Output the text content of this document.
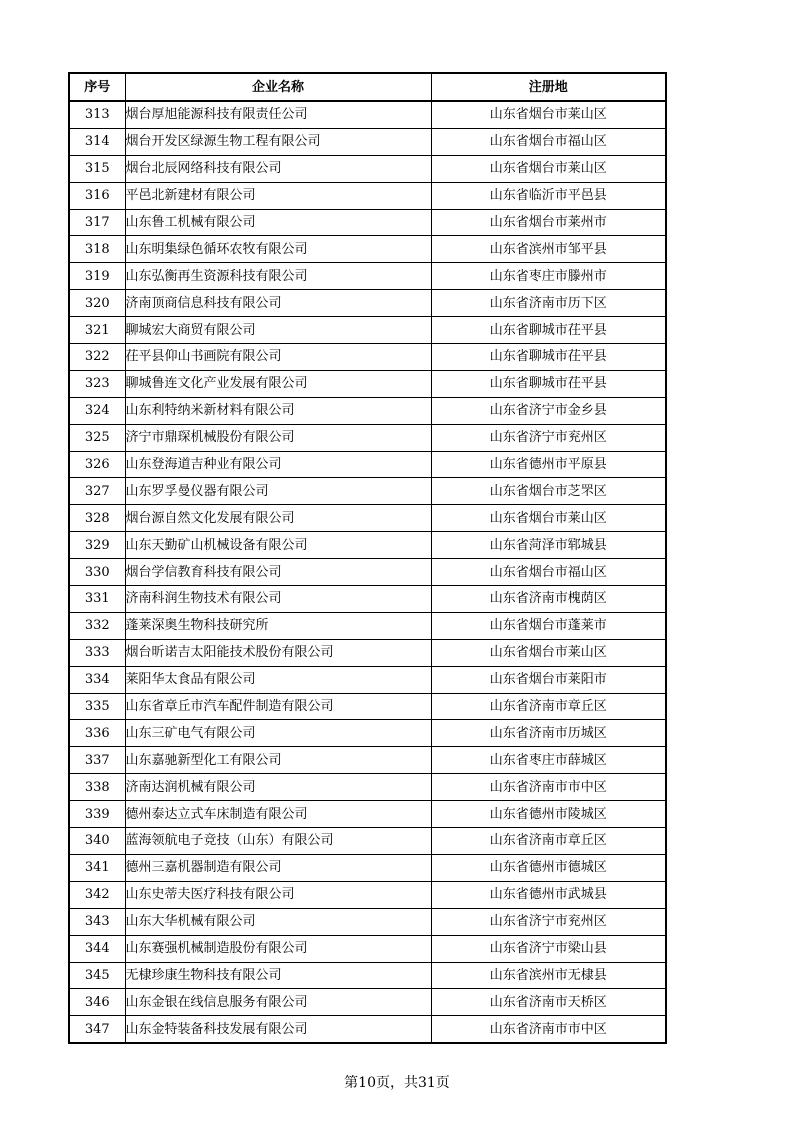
序号	企业名称	注册地
313	烟台厚旭能源科技有限责任公司	山东省烟台市莱山区
314	烟台开发区绿源生物工程有限公司	山东省烟台市福山区
315	烟台北辰网络科技有限公司	山东省烟台市莱山区
316	平邑北新建材有限公司	山东省临沂市平邑县
317	山东鲁工机械有限公司	山东省烟台市莱州市
318	山东明集绿色循环农牧有限公司	山东省滨州市邹平县
319	山东弘衡再生资源科技有限公司	山东省枣庄市滕州市
320	济南顶商信息科技有限公司	山东省济南市历下区
321	聊城宏大商贸有限公司	山东省聊城市茌平县
322	茌平县仰山书画院有限公司	山东省聊城市茌平县
323	聊城鲁连文化产业发展有限公司	山东省聊城市茌平县
324	山东利特纳米新材料有限公司	山东省济宁市金乡县
325	济宁市鼎琛机械股份有限公司	山东省济宁市兖州区
326	山东登海道吉种业有限公司	山东省德州市平原县
327	山东罗孚曼仪器有限公司	山东省烟台市芝罘区
328	烟台源自然文化发展有限公司	山东省烟台市莱山区
329	山东天勤矿山机械设备有限公司	山东省菏泽市郓城县
330	烟台学信教育科技有限公司	山东省烟台市福山区
331	济南科润生物技术有限公司	山东省济南市槐荫区
332	蓬莱深奥生物科技研究所	山东省烟台市蓬莱市
333	烟台昕诺吉太阳能技术股份有限公司	山东省烟台市莱山区
334	莱阳华太食品有限公司	山东省烟台市莱阳市
335	山东省章丘市汽车配件制造有限公司	山东省济南市章丘区
336	山东三矿电气有限公司	山东省济南市历城区
337	山东嘉驰新型化工有限公司	山东省枣庄市薛城区
338	济南达润机械有限公司	山东省济南市市中区
339	德州泰达立式车床制造有限公司	山东省德州市陵城区
340	蓝海领航电子竞技（山东）有限公司	山东省济南市章丘区
341	德州三嘉机器制造有限公司	山东省德州市德城区
342	山东史蒂夫医疗科技有限公司	山东省德州市武城县
343	山东大华机械有限公司	山东省济宁市兖州区
344	山东赛强机械制造股份有限公司	山东省济宁市梁山县
345	无棣珍康生物科技有限公司	山东省滨州市无棣县
346	山东金银在线信息服务有限公司	山东省济南市天桥区
347	山东金特装备科技发展有限公司	山东省济南市市中区
第10页，共31页
